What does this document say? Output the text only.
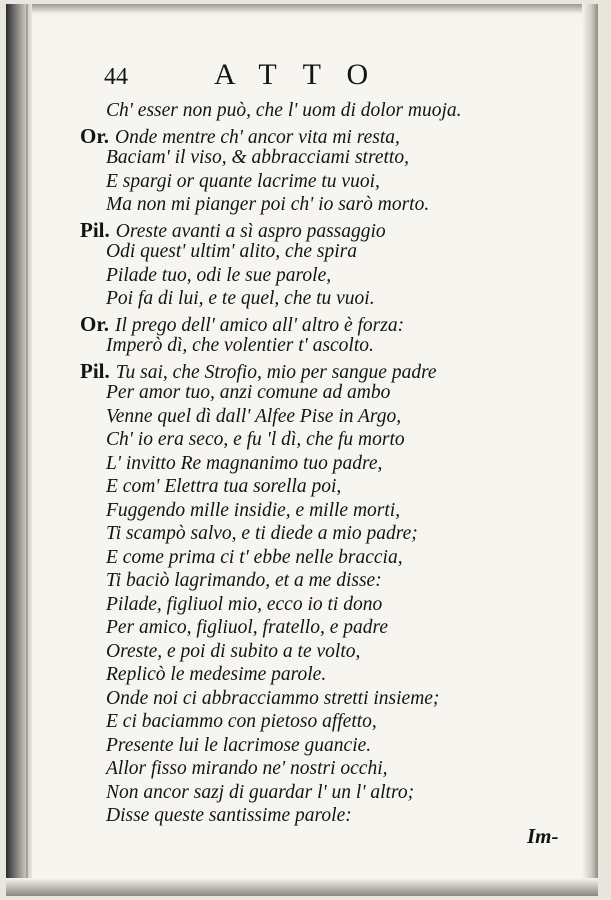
44	ATTO
Ch' esser non può, che l' uom di dolor muoja.
Or. Onde mentre ch' ancor vita mi resta,
Baciam' il viso, & abbracciami stretto,
E spargi or quante lacrime tu vuoi,
Ma non mi pianger poi ch' io sarò morto.
Pil. Oreste avanti a sì aspro passaggio
Odi quest' ultim' alito, che spira
Pilade tuo, odi le sue parole,
Poi fa di lui, e te quel, che tu vuoi.
Or. Il prego dell' amico all' altro è forza:
Imperò dì, che volentier t' ascolto.
Pil. Tu sai, che Strofio, mio per sangue padre
Per amor tuo, anzi comune ad ambo
Venne quel dì dall' Alfee Pise in Argo,
Ch' io era seco, e fu 'l dì, che fu morto
L' invitto Re magnanimo tuo padre,
E com' Elettra tua sorella poi,
Fuggendo mille insidie, e mille morti,
Ti scampò salvo, e ti diede a mio padre;
E come prima ci t' ebbe nelle braccia,
Ti baciò lagrimando, et a me disse:
Pilade, figliuol mio, ecco io ti dono
Per amico, figliuol, fratello, e padre
Oreste, e poi di subito a te volto,
Replicò le medesime parole.
Onde noi ci abbracciammo stretti insieme;
E ci baciammo con pietoso affetto,
Presente lui le lacrimose guancie.
Allor fisso mirando ne' nostri occhi,
Non ancor sazj di guardar l' un l' altro;
Disse queste santissime parole:
Im-
